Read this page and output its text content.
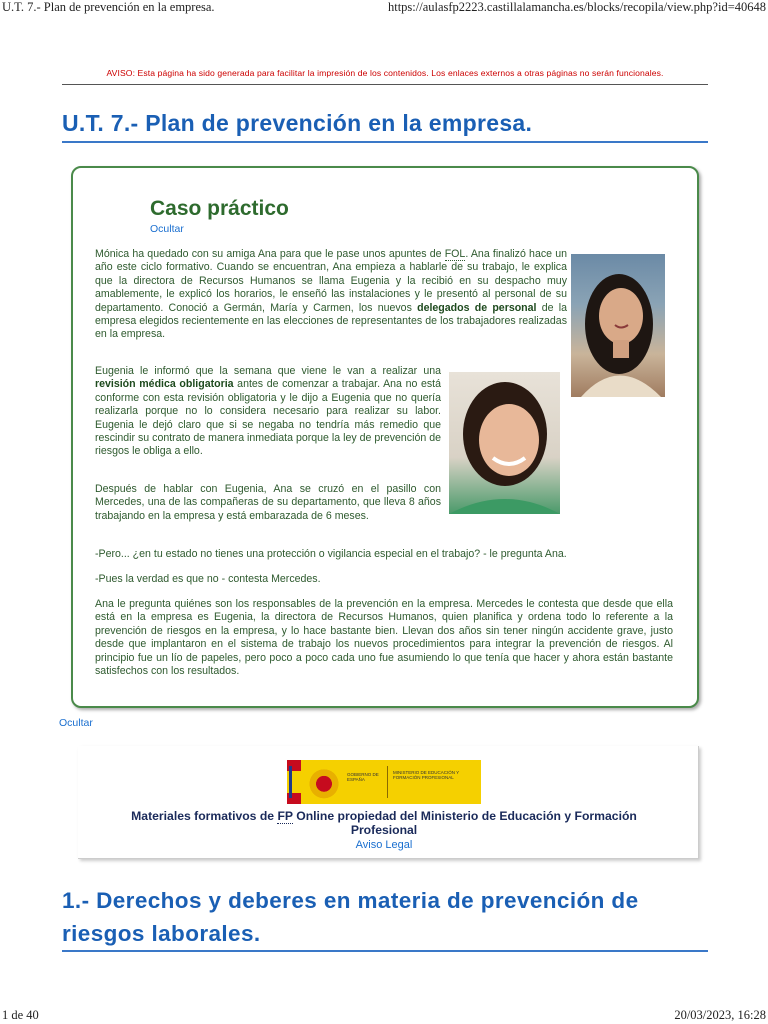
U.T. 7.- Plan de prevención en la empresa.	https://aulasfp2223.castillalamancha.es/blocks/recopila/view.php?id=40648
AVISO: Esta página ha sido generada para facilitar la impresión de los contenidos. Los enlaces externos a otras páginas no serán funcionales.
U.T. 7.- Plan de prevención en la empresa.
Caso práctico
Ocultar

Mónica ha quedado con su amiga Ana para que le pase unos apuntes de FOL. Ana finalizó hace un año este ciclo formativo. Cuando se encuentran, Ana empieza a hablarle de su trabajo, le explica que la directora de Recursos Humanos se llama Eugenia y la recibió en su despacho muy amablemente, le explicó los horarios, le enseñó las instalaciones y le presentó al personal de su departamento. Conoció a Germán, María y Carmen, los nuevos delegados de personal de la empresa elegidos recientemente en las elecciones de representantes de los trabajadores realizadas en la empresa.

Eugenia le informó que la semana que viene le van a realizar una revisión médica obligatoria antes de comenzar a trabajar. Ana no está conforme con esta revisión obligatoria y le dijo a Eugenia que no quería realizarla porque no lo considera necesario para realizar su labor. Eugenia le dejó claro que si se negaba no tendría más remedio que rescindir su contrato de manera inmediata porque la ley de prevención de riesgos le obliga a ello.

Después de hablar con Eugenia, Ana se cruzó en el pasillo con Mercedes, una de las compañeras de su departamento, que lleva 8 años trabajando en la empresa y está embarazada de 6 meses.

-Pero... ¿en tu estado no tienes una protección o vigilancia especial en el trabajo? - le pregunta Ana.

-Pues la verdad es que no - contesta Mercedes.

Ana le pregunta quiénes son los responsables de la prevención en la empresa. Mercedes le contesta que desde que ella está en la empresa es Eugenia, la directora de Recursos Humanos, quien planifica y ordena todo lo referente a la prevención de riesgos en la empresa, y lo hace bastante bien. Llevan dos años sin tener ningún accidente grave, justo desde que implantaron en el sistema de trabajo los nuevos procedimientos para integrar la prevención de riesgos. Al principio fue un lío de papeles, pero poco a poco cada uno fue asumiendo lo que tenía que hacer y ahora están bastante satisfechos con los resultados.

Ocultar
GOBIERNO DE ESPAÑA
MINISTERIO DE EDUCACIÓN Y FORMACIÓN PROFESIONAL
Materiales formativos de FP Online propiedad del Ministerio de Educación y Formación Profesional
Aviso Legal
1.- Derechos y deberes en materia de prevención de riesgos laborales.
1 de 40	20/03/2023, 16:28
